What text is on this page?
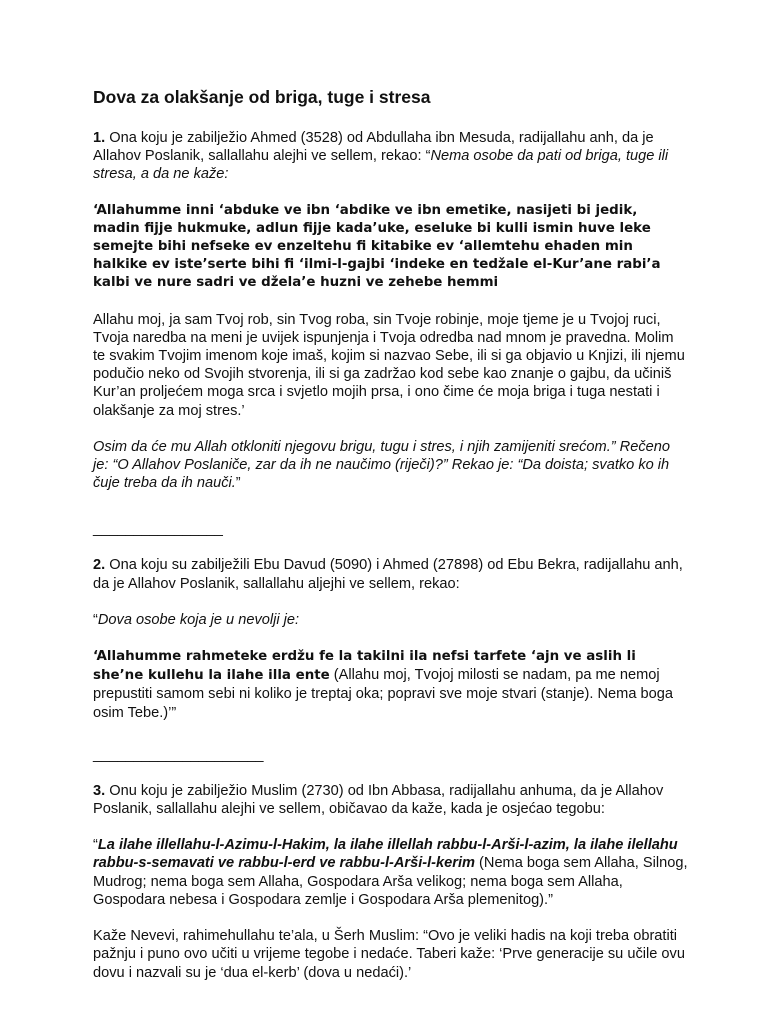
Dova za olakšanje od briga, tuge i stresa

1. Ona koju je zabilježio Ahmed (3528) od Abdullaha ibn Mesuda, radijallahu anh, da je Allahov Poslanik, sallallahu alejhi ve sellem, rekao: “Nema osobe da pati od briga, tuge ili stresa, a da ne kaže:

‘Allahumme inni ‘abduke ve ibn ‘abdike ve ibn emetike, nasijeti bi jedik, madin fijje hukmuke, adlun fijje kada’uke, eseluke bi kulli ismin huve leke semejte bihi nefseke ev enzeltehu fi kitabike ev ‘allemtehu ehaden min halkike ev iste’serte bihi fi ‘ilmi-l-gajbi ‘indeke en tedžale el-Kur’ane rabi’a kalbi ve nure sadri ve džela’e huzni ve zehebe hemmi

Allahu moj, ja sam Tvoj rob, sin Tvog roba, sin Tvoje robinje, moje tjeme je u Tvojoj ruci, Tvoja naredba na meni je uvijek ispunjenja i Tvoja odredba nad mnom je pravedna. Molim te svakim Tvojim imenom koje imaš, kojim si nazvao Sebe, ili si ga objavio u Knjizi, ili njemu podučio neko od Svojih stvorenja, ili si ga zadržao kod sebe kao znanje o gajbu, da učiniš Kur’an proljećem moga srca i svjetlo mojih prsa, i ono čime će moja briga i tuga nestati i olakšanje za moj stres.’

Osim da će mu Allah otkloniti njegovu brigu, tugu i stres, i njih zamijeniti srećom.” Rečeno je: “O Allahov Poslaniče, zar da ih ne naučimo (riječi)?” Rekao je: “Da doista; svatko ko ih čuje treba da ih nauči.”

________________

2. Ona koju su zabilježili Ebu Davud (5090) i Ahmed (27898) od Ebu Bekra, radijallahu anh, da je Allahov Poslanik, sallallahu aljejhi ve sellem, rekao:

“Dova osobe koja je u nevolji je:

‘Allahumme rahmeteke erdžu fe la takilni ila nefsi tarfete ‘ajn ve aslih li she’ne kullehu la ilahe illa ente (Allahu moj, Tvojoj milosti se nadam, pa me nemoj prepustiti samom sebi ni koliko je treptaj oka; popravi sve moje stvari (stanje). Nema boga osim Tebe.)’”

_____________________

3. Onu koju je zabilježio Muslim (2730) od Ibn Abbasa, radijallahu anhuma, da je Allahov Poslanik, sallallahu alejhi ve sellem, običavao da kaže, kada je osjećao tegobu:

“La ilahe illellahu-l-Azimu-l-Hakim, la ilahe illellah rabbu-l-Arši-l-azim, la ilahe ilellahu rabbu-s-semavati ve rabbu-l-erd ve rabbu-l-Arši-l-kerim (Nema boga sem Allaha, Silnog, Mudrog; nema boga sem Allaha, Gospodara Arša velikog; nema boga sem Allaha, Gospodara nebesa i Gospodara zemlje i Gospodara Arša plemenitog).”

Kaže Nevevi, rahimehullahu te’ala, u Šerh Muslim: “Ovo je veliki hadis na koji treba obratiti pažnju i puno ovo učiti u vrijeme tegobe i nedaće. Taberi kaže: ‘Prve generacije su učile ovu dovu i nazvali su je ‘dua el-kerb’ (dova u nedaći).’
